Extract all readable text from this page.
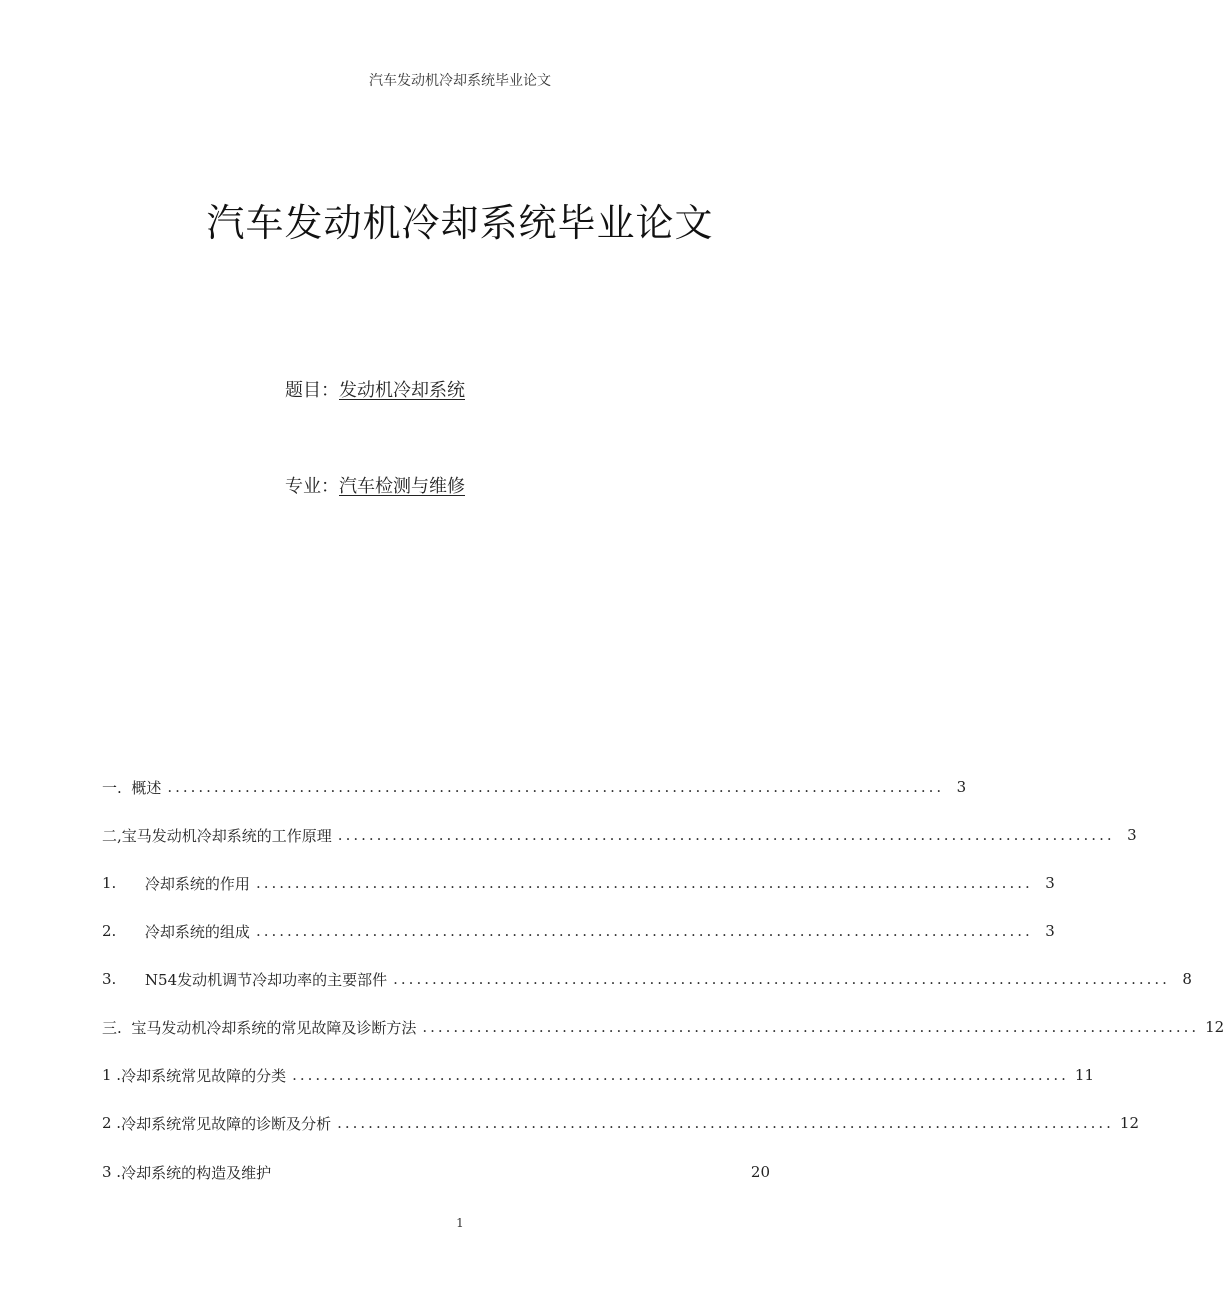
汽车发动机冷却系统毕业论文
汽车发动机冷却系统毕业论文
题目：发动机冷却系统
专业：汽车检测与维修
一. 概述 .................................................................................................... 3
二, 宝马发动机冷却系统的工作原理 .................................................................................................... 3
1. 冷却系统的作用 .................................................................................................... 3
2. 冷却系统的组成 .................................................................................................... 3
3. N54发动机调节冷却功率的主要部件 .................................................................................................... 8
三. 宝马发动机冷却系统的常见故障及诊断方法 .................................................................................................... 12
1 . 冷却系统常见故障的分类 .................................................................................................... 11
2 . 冷却系统常见故障的诊断及分析 .................................................................................................... 12
3 . 冷却系统的构造及维护	20
1
